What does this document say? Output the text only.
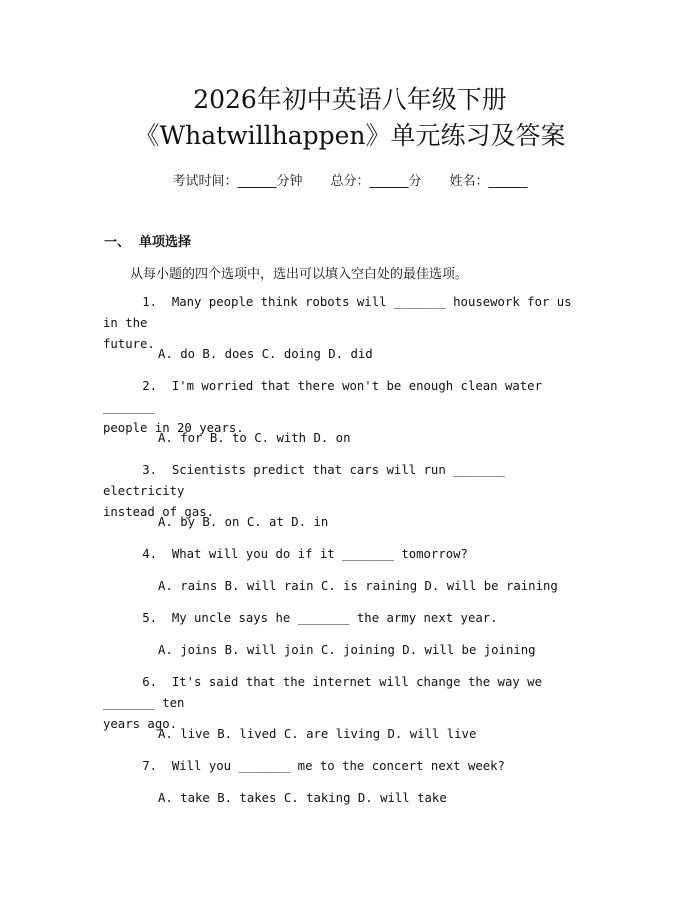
2026年初中英语八年级下册
《Whatwillhappen》单元练习及答案
考试时间：______分钟 总分：______分 姓名：______
一、  单项选择
从每小题的四个选项中，选出可以填入空白处的最佳选项。
1. Many people think robots will _______ housework for us in the
future.
A. do B. does C. doing D. did
2. I'm worried that there won't be enough clean water _______
people in 20 years.
A. for B. to C. with D. on
3. Scientists predict that cars will run _______ electricity
instead of gas.
A. by B. on C. at D. in
4. What will you do if it _______ tomorrow?
A. rains B. will rain C. is raining D. will be raining
5. My uncle says he _______ the army next year.
A. joins B. will join C. joining D. will be joining
6. It's said that the internet will change the way we _______ ten
years ago.
A. live B. lived C. are living D. will live
7. Will you _______ me to the concert next week?
A. take B. takes C. taking D. will take
